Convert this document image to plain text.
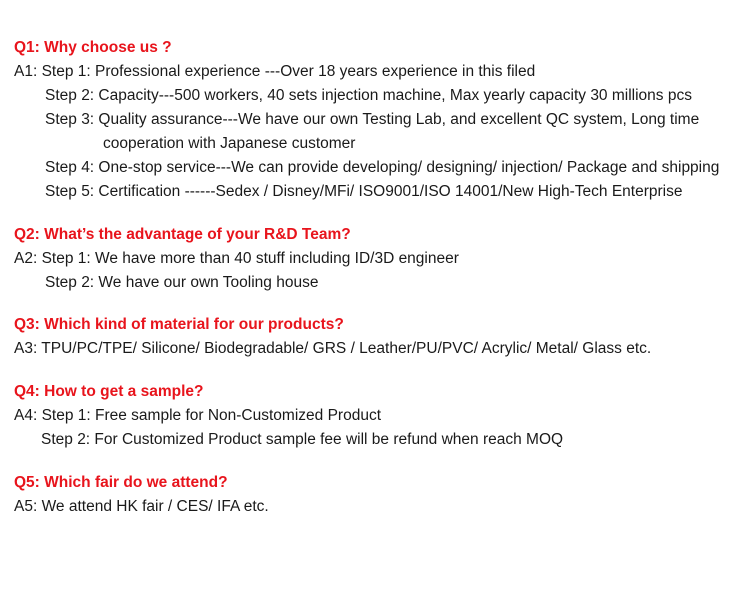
Q1: Why choose us ?
A1: Step 1: Professional experience ---Over 18 years experience in this filed
Step 2: Capacity---500 workers, 40 sets injection machine, Max yearly capacity 30 millions pcs
Step 3: Quality assurance---We have our own Testing Lab, and excellent QC system, Long time
cooperation with Japanese customer
Step 4: One-stop service---We can provide developing/ designing/ injection/ Package and shipping
Step 5: Certification ------Sedex / Disney/MFi/ ISO9001/ISO 14001/New High-Tech Enterprise
Q2: What’s the advantage of your R&D Team?
A2: Step 1: We have more than 40 stuff including ID/3D engineer
Step 2: We have our own Tooling house
Q3: Which kind of material for our products?
A3: TPU/PC/TPE/ Silicone/ Biodegradable/ GRS / Leather/PU/PVC/ Acrylic/ Metal/ Glass etc.
Q4: How to get a sample?
A4: Step 1: Free sample for Non-Customized Product
Step 2: For Customized Product sample fee will be refund when reach MOQ
Q5: Which fair do we attend?
A5: We attend HK fair / CES/ IFA etc.
